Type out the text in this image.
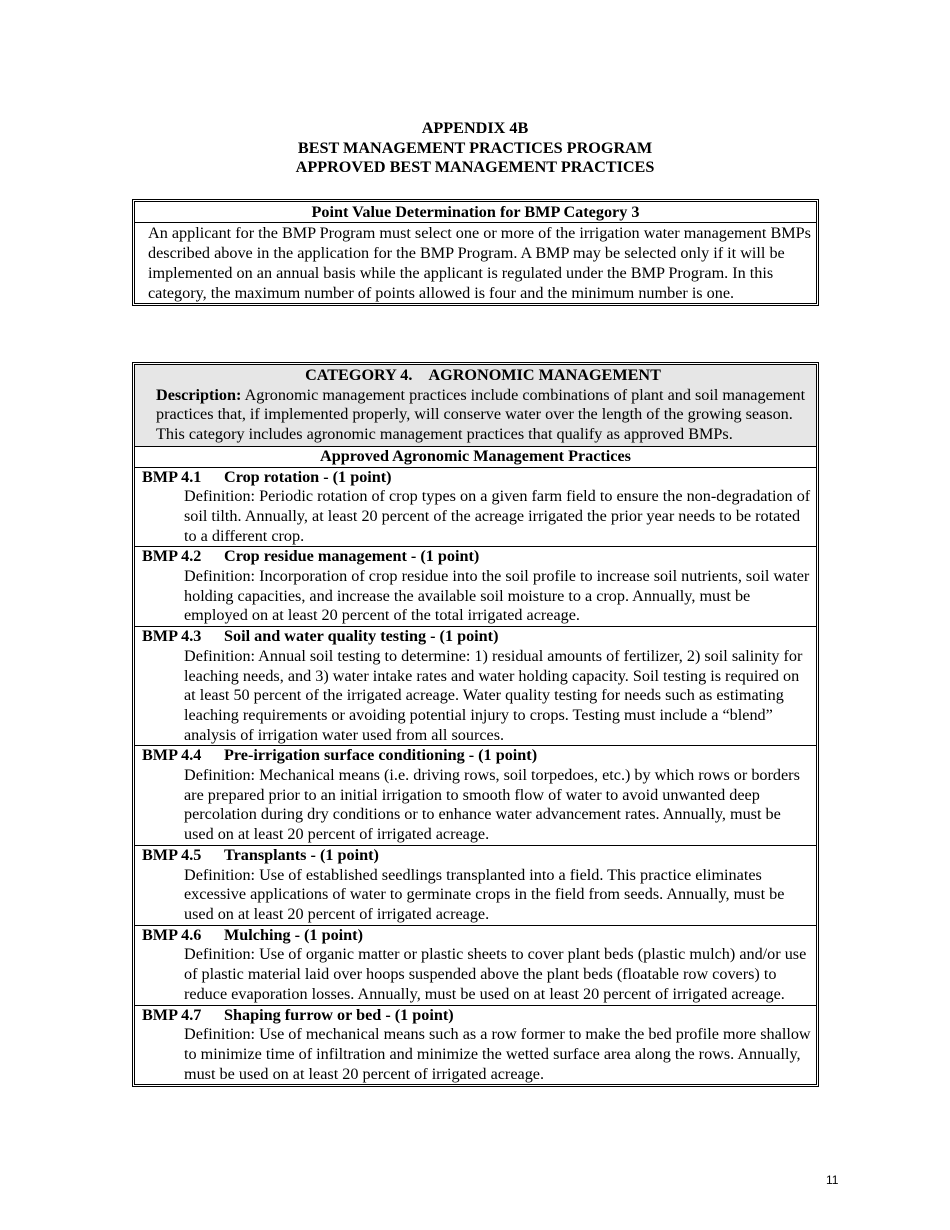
APPENDIX 4B
BEST MANAGEMENT PRACTICES PROGRAM
APPROVED BEST MANAGEMENT PRACTICES
Point Value Determination for BMP Category 3
An applicant for the BMP Program must select one or more of the irrigation water management BMPs described above in the application for the BMP Program. A BMP may be selected only if it will be implemented on an annual basis while the applicant is regulated under the BMP Program. In this category, the maximum number of points allowed is four and the minimum number is one.
CATEGORY 4. AGRONOMIC MANAGEMENT
Description: Agronomic management practices include combinations of plant and soil management practices that, if implemented properly, will conserve water over the length of the growing season. This category includes agronomic management practices that qualify as approved BMPs.
Approved Agronomic Management Practices
BMP 4.1 Crop rotation - (1 point)
Definition: Periodic rotation of crop types on a given farm field to ensure the non-degradation of soil tilth. Annually, at least 20 percent of the acreage irrigated the prior year needs to be rotated to a different crop.
BMP 4.2 Crop residue management - (1 point)
Definition: Incorporation of crop residue into the soil profile to increase soil nutrients, soil water holding capacities, and increase the available soil moisture to a crop. Annually, must be employed on at least 20 percent of the total irrigated acreage.
BMP 4.3 Soil and water quality testing - (1 point)
Definition: Annual soil testing to determine: 1) residual amounts of fertilizer, 2) soil salinity for leaching needs, and 3) water intake rates and water holding capacity. Soil testing is required on at least 50 percent of the irrigated acreage. Water quality testing for needs such as estimating leaching requirements or avoiding potential injury to crops. Testing must include a “blend” analysis of irrigation water used from all sources.
BMP 4.4 Pre-irrigation surface conditioning - (1 point)
Definition: Mechanical means (i.e. driving rows, soil torpedoes, etc.) by which rows or borders are prepared prior to an initial irrigation to smooth flow of water to avoid unwanted deep percolation during dry conditions or to enhance water advancement rates. Annually, must be used on at least 20 percent of irrigated acreage.
BMP 4.5 Transplants - (1 point)
Definition: Use of established seedlings transplanted into a field. This practice eliminates excessive applications of water to germinate crops in the field from seeds. Annually, must be used on at least 20 percent of irrigated acreage.
BMP 4.6 Mulching - (1 point)
Definition: Use of organic matter or plastic sheets to cover plant beds (plastic mulch) and/or use of plastic material laid over hoops suspended above the plant beds (floatable row covers) to reduce evaporation losses. Annually, must be used on at least 20 percent of irrigated acreage.
BMP 4.7 Shaping furrow or bed - (1 point)
Definition: Use of mechanical means such as a row former to make the bed profile more shallow to minimize time of infiltration and minimize the wetted surface area along the rows. Annually, must be used on at least 20 percent of irrigated acreage.
11
